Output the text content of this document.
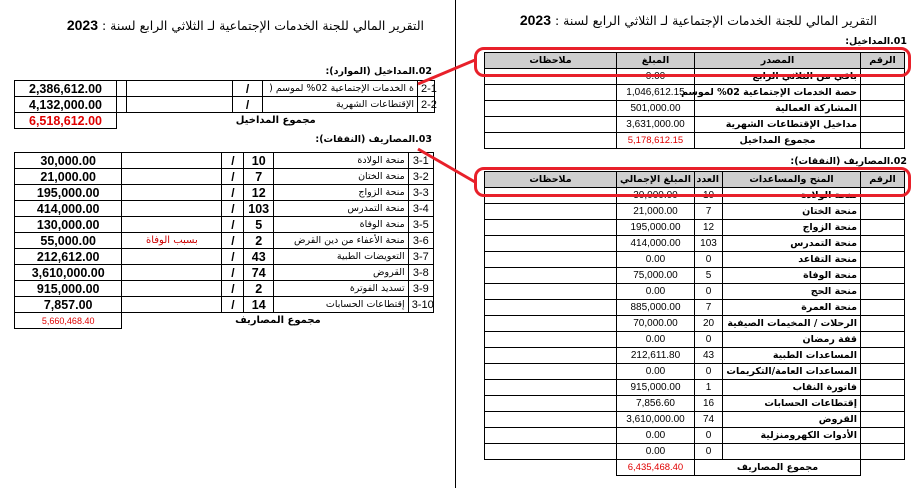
التقرير المالي للجنة الخدمات الإجتماعية لـ الثلاثي الرابع لسنة : 2023
02.المداخيل (الموارد):
2,386,612.00			/	ة الخدمات الإجتماعية 02% لموسم (	2-1
4,132,000.00			/	الإقتطاعات الشهرية	2-2
6,518,612.00	مجموع المداخيل				
03.المصاريف (النفقات):
30,000.00		/	10	منحة الولادة	3-1
21,000.00		/	7	منحة الختان	3-2
195,000.00		/	12	منحة الزواج	3-3
414,000.00		/	103	منحة التمدرس	3-4
130,000.00		/	5	منحة الوفاة	3-5
55,000.00	بسبب الوفاة	/	2	منحة الأعفاء من دين القرض	3-6
212,612.00		/	43	التعويضات الطبية	3-7
3,610,000.00		/	74	القروض	3-8
915,000.00		/	2	تسديد الفوترة	3-9
7,857.00		/	14	إقتطاعات الحسابات	3-10
5,660,468.40	مجموع المصاريف				
التقرير المالي للجنة الخدمات الإجتماعية لـ الثلاثي الرابع لسنة : 2023
01.المداخيل:
ملاحظات	المبلغ	المصدر	الرقم
	0.00	باقي من الثلاثي الرابع	
	1,046,612.15	حصة الخدمات الإجتماعية 02% لموسم	
	501,000.00	المشاركة العمالية	
	3,631,000.00	مداخيل الإقتطاعات الشهرية	
	5,178,612.15	مجموع المداخيل	
02.المصاريف (النفقات):
ملاحظات	المبلغ الإجمالي	العدد	المنح والمساعدات	الرقم
	30,000.00	10	منحة الولادة	
	21,000.00	7	منحة الختان	
	195,000.00	12	منحة الزواج	
	414,000.00	103	منحة التمدرس	
	0.00	0	منحة التقاعد	
	75,000.00	5	منحة الوفاة	
	0.00	0	منحة الحج	
	885,000.00	7	منحة العمرة	
	70,000.00	20	الرحلات / المخيمات الصيفية	
	0.00	0	قفة رمضان	
	212,611.80	43	المساعدات الطبية	
	0.00	0	المساعدات العامة/التكريمات	
	915,000.00	1	فاتورة النقاب	
	7,856.60	16	إقتطاعات الحسابات	
	3,610,000.00	74	القروض	
	0.00	0	الأدوات الكهرومنزلية	
	0.00	0		
	6,435,468.40	مجموع المصاريف		
